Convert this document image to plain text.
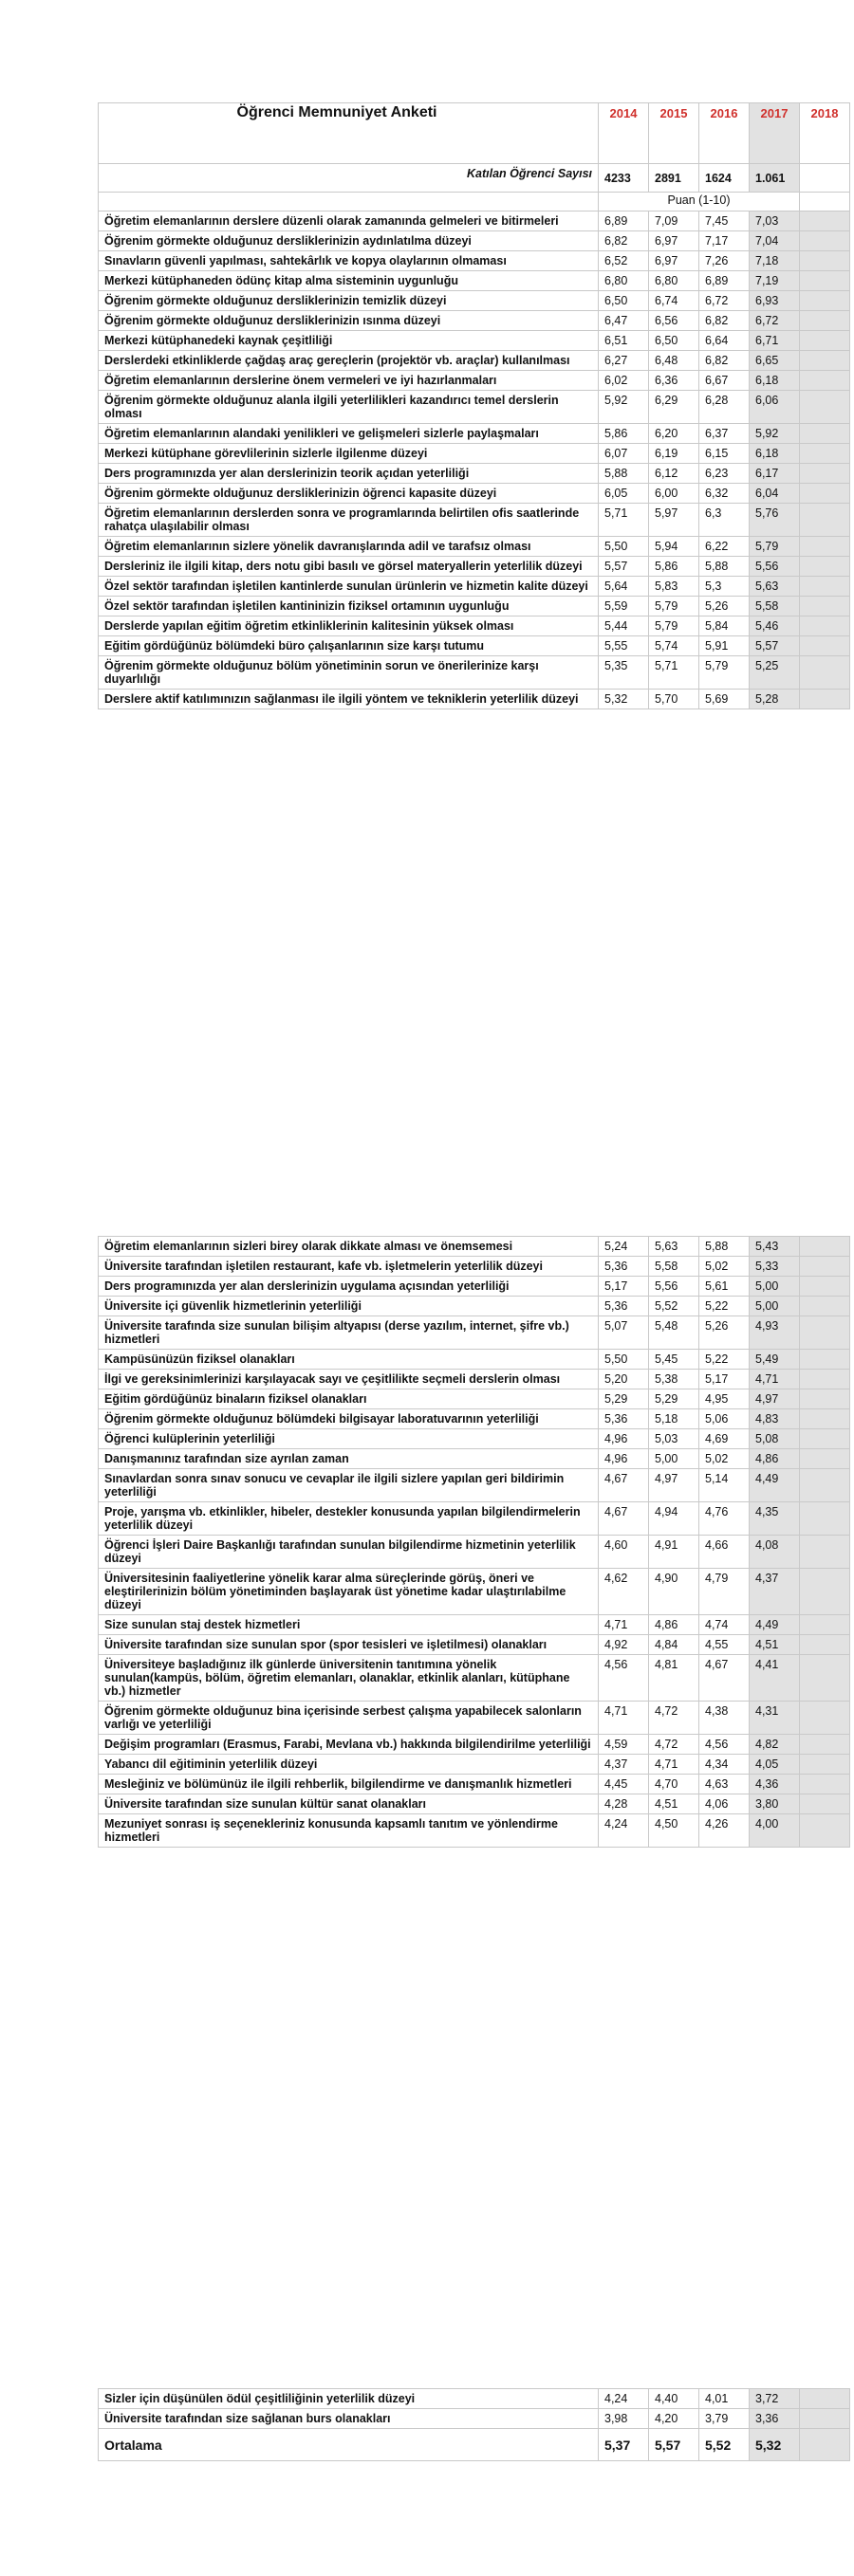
Öğrenci Memnuniyet Anketi
		2014	2015	2016	2017	2018
Katılan Öğrenci Sayısı	4233	2891	1624	1.061	
	Puan (1-10)				
Öğretim elemanlarının derslere düzenli olarak zamanında gelmeleri ve bitirmeleri	6,89	7,09	7,45	7,03	
Öğrenim görmekte olduğunuz dersliklerinizin aydınlatılma düzeyi	6,82	6,97	7,17	7,04	
Sınavların güvenli yapılması, sahtekârlık ve kopya olaylarının olmaması	6,52	6,97	7,26	7,18	
Merkezi kütüphaneden ödünç kitap alma sisteminin uygunluğu	6,80	6,80	6,89	7,19	
Öğrenim görmekte olduğunuz dersliklerinizin temizlik düzeyi	6,50	6,74	6,72	6,93	
Öğrenim görmekte olduğunuz dersliklerinizin ısınma düzeyi	6,47	6,56	6,82	6,72	
Merkezi kütüphanedeki kaynak çeşitliliği	6,51	6,50	6,64	6,71	
Derslerdeki etkinliklerde çağdaş araç gereçlerin (projektör vb. araçlar) kullanılması	6,27	6,48	6,82	6,65	
Öğretim elemanlarının derslerine önem vermeleri ve iyi hazırlanmaları	6,02	6,36	6,67	6,18	
Öğrenim görmekte olduğunuz alanla ilgili yeterlilikleri kazandırıcı temel derslerin olması	5,92	6,29	6,28	6,06	
Öğretim elemanlarının alandaki yenilikleri ve gelişmeleri sizlerle paylaşmaları	5,86	6,20	6,37	5,92	
Merkezi kütüphane görevlilerinin sizlerle ilgilenme düzeyi	6,07	6,19	6,15	6,18	
Ders programınızda yer alan derslerinizin teorik açıdan yeterliliği	5,88	6,12	6,23	6,17	
Öğrenim görmekte olduğunuz dersliklerinizin öğrenci kapasite düzeyi	6,05	6,00	6,32	6,04	
Öğretim elemanlarının derslerden sonra ve programlarında belirtilen ofis saatlerinde rahatça ulaşılabilir olması	5,71	5,97	6,3	5,76	
Öğretim elemanlarının sizlere yönelik davranışlarında adil ve tarafsız olması	5,50	5,94	6,22	5,79	
Dersleriniz ile ilgili kitap, ders notu gibi basılı ve görsel materyallerin yeterlilik düzeyi	5,57	5,86	5,88	5,56	
Özel sektör tarafından işletilen kantinlerde sunulan ürünlerin ve hizmetin kalite düzeyi	5,64	5,83	5,3	5,63	
Özel sektör tarafından işletilen kantininizin fiziksel ortamının uygunluğu	5,59	5,79	5,26	5,58	
Derslerde yapılan eğitim öğretim etkinliklerinin kalitesinin yüksek olması	5,44	5,79	5,84	5,46	
Eğitim gördüğünüz bölümdeki büro çalışanlarının size karşı tutumu	5,55	5,74	5,91	5,57	
Öğrenim görmekte olduğunuz bölüm yönetiminin sorun ve önerilerinize karşı duyarlılığı	5,35	5,71	5,79	5,25	
Derslere aktif katılımınızın sağlanması ile ilgili yöntem ve tekniklerin yeterlilik düzeyi	5,32	5,70	5,69	5,28	
Öğretim elemanlarının sizleri birey olarak dikkate alması ve önemsemesi	5,24	5,63	5,88	5,43	
Üniversite tarafından işletilen restaurant, kafe vb. işletmelerin yeterlilik düzeyi	5,36	5,58	5,02	5,33	
Ders programınızda yer alan derslerinizin uygulama açısından yeterliliği	5,17	5,56	5,61	5,00	
Üniversite içi güvenlik hizmetlerinin yeterliliği	5,36	5,52	5,22	5,00	
Üniversite tarafında size sunulan bilişim altyapısı (derse yazılım, internet, şifre vb.) hizmetleri	5,07	5,48	5,26	4,93	
Kampüsünüzün fiziksel olanakları	5,50	5,45	5,22	5,49	
İlgi ve gereksinimlerinizi karşılayacak sayı ve çeşitlilikte seçmeli derslerin olması	5,20	5,38	5,17	4,71	
Eğitim gördüğünüz binaların fiziksel olanakları	5,29	5,29	4,95	4,97	
Öğrenim görmekte olduğunuz bölümdeki bilgisayar laboratuvarının yeterliliği	5,36	5,18	5,06	4,83	
Öğrenci kulüplerinin yeterliliği	4,96	5,03	4,69	5,08	
Danışmanınız tarafından size ayrılan zaman	4,96	5,00	5,02	4,86	
Sınavlardan sonra sınav sonucu ve cevaplar ile ilgili sizlere yapılan geri bildirimin yeterliliği	4,67	4,97	5,14	4,49	
Proje, yarışma vb. etkinlikler, hibeler, destekler konusunda yapılan bilgilendirmelerin yeterlilik düzeyi	4,67	4,94	4,76	4,35	
Öğrenci İşleri Daire Başkanlığı tarafından sunulan bilgilendirme hizmetinin yeterlilik düzeyi	4,60	4,91	4,66	4,08	
Üniversitesinin faaliyetlerine yönelik karar alma süreçlerinde görüş, öneri ve eleştirilerinizin bölüm yönetiminden başlayarak üst yönetime kadar ulaştırılabilme düzeyi	4,62	4,90	4,79	4,37	
Size sunulan staj destek hizmetleri	4,71	4,86	4,74	4,49	
Üniversite tarafından size sunulan spor (spor tesisleri ve işletilmesi) olanakları	4,92	4,84	4,55	4,51	
Üniversiteye başladığınız ilk günlerde üniversitenin tanıtımına yönelik sunulan(kampüs, bölüm, öğretim elemanları, olanaklar, etkinlik alanları, kütüphane vb.) hizmetler	4,56	4,81	4,67	4,41	
Öğrenim görmekte olduğunuz bina içerisinde serbest çalışma yapabilecek salonların varlığı ve yeterliliği	4,71	4,72	4,38	4,31	
Değişim programları (Erasmus, Farabi, Mevlana vb.) hakkında bilgilendirilme yeterliliği	4,59	4,72	4,56	4,82	
Yabancı dil eğitiminin yeterlilik düzeyi	4,37	4,71	4,34	4,05	
Mesleğiniz ve bölümünüz ile ilgili rehberlik, bilgilendirme ve danışmanlık hizmetleri	4,45	4,70	4,63	4,36	
Üniversite tarafından size sunulan kültür sanat olanakları	4,28	4,51	4,06	3,80	
Mezuniyet sonrası iş seçenekleriniz konusunda kapsamlı tanıtım ve yönlendirme hizmetleri	4,24	4,50	4,26	4,00	
Sizler için düşünülen ödül çeşitliliğinin yeterlilik düzeyi	4,24	4,40	4,01	3,72	
Üniversite tarafından size sağlanan burs olanakları	3,98	4,20	3,79	3,36	
Ortalama	5,37	5,57	5,52	5,32	
